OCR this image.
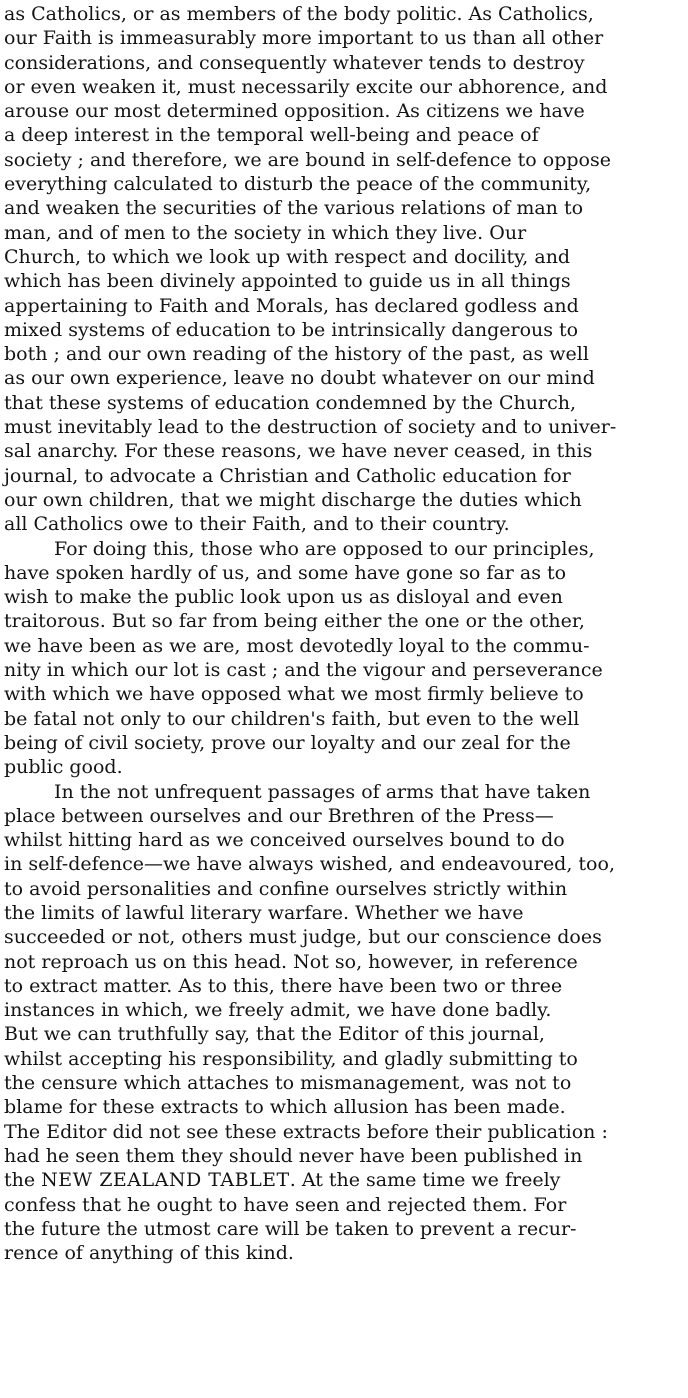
as Catholics, or as members of the body politic. As Catholics,
our Faith is immeasurably more important to us than all other
considerations, and consequently whatever tends to destroy
or even weaken it, must necessarily excite our abhorence, and
arouse our most determined opposition. As citizens we have
a deep interest in the temporal well-being and peace of
society ; and therefore, we are bound in self-defence to oppose
everything calculated to disturb the peace of the community,
and weaken the securities of the various relations of man to
man, and of men to the society in which they live. Our
Church, to which we look up with respect and docility, and
which has been divinely appointed to guide us in all things
appertaining to Faith and Morals, has declared godless and
mixed systems of education to be intrinsically dangerous to
both ; and our own reading of the history of the past, as well
as our own experience, leave no doubt whatever on our mind
that these systems of education condemned by the Church,
must inevitably lead to the destruction of society and to univer-
sal anarchy. For these reasons, we have never ceased, in this
journal, to advocate a Christian and Catholic education for
our own children, that we might discharge the duties which
all Catholics owe to their Faith, and to their country.
For doing this, those who are opposed to our principles,
have spoken hardly of us, and some have gone so far as to
wish to make the public look upon us as disloyal and even
traitorous. But so far from being either the one or the other,
we have been as we are, most devotedly loyal to the commu-
nity in which our lot is cast ; and the vigour and perseverance
with which we have opposed what we most firmly believe to
be fatal not only to our children's faith, but even to the well
being of civil society, prove our loyalty and our zeal for the
public good.
In the not unfrequent passages of arms that have taken
place between ourselves and our Brethren of the Press—
whilst hitting hard as we conceived ourselves bound to do
in self-defence—we have always wished, and endeavoured, too,
to avoid personalities and confine ourselves strictly within
the limits of lawful literary warfare. Whether we have
succeeded or not, others must judge, but our conscience does
not reproach us on this head. Not so, however, in reference
to extract matter. As to this, there have been two or three
instances in which, we freely admit, we have done badly.
But we can truthfully say, that the Editor of this journal,
whilst accepting his responsibility, and gladly submitting to
the censure which attaches to mismanagement, was not to
blame for these extracts to which allusion has been made.
The Editor did not see these extracts before their publication :
had he seen them they should never have been published in
the NEW ZEALAND TABLET. At the same time we freely
confess that he ought to have seen and rejected them. For
the future the utmost care will be taken to prevent a recur-
rence of anything of this kind.
